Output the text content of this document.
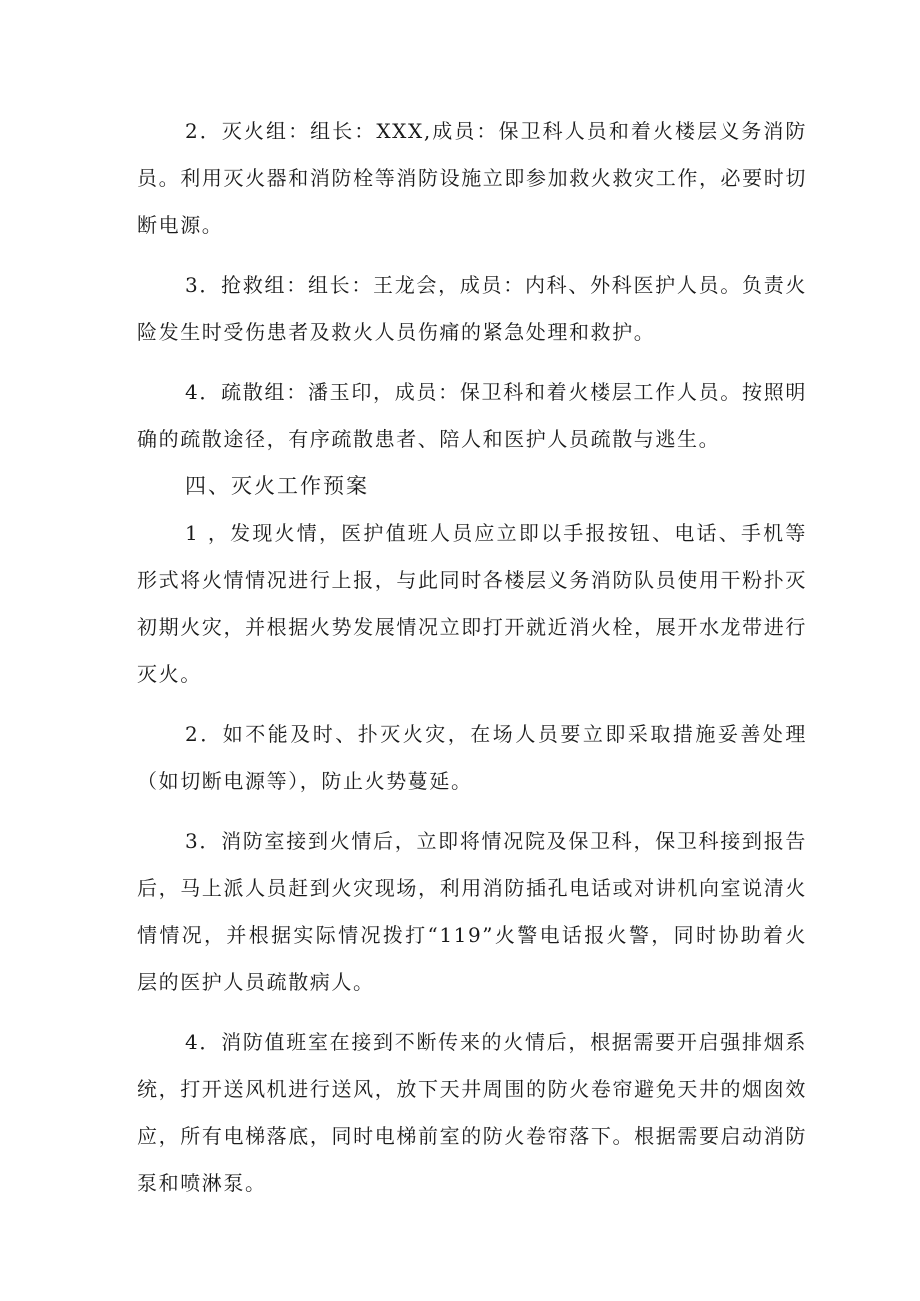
2．灭火组：组长：XXX,成员：保卫科人员和着火楼层义务消防员。利用灭火器和消防栓等消防设施立即参加救火救灾工作，必要时切断电源。

3．抢救组：组长：王龙会，成员：内科、外科医护人员。负责火险发生时受伤患者及救火人员伤痛的紧急处理和救护。

4．疏散组：潘玉印，成员：保卫科和着火楼层工作人员。按照明确的疏散途径，有序疏散患者、陪人和医护人员疏散与逃生。

四、灭火工作预案

1 ，发现火情，医护值班人员应立即以手报按钮、电话、手机等形式将火情情况进行上报，与此同时各楼层义务消防队员使用干粉扑灭初期火灾，并根据火势发展情况立即打开就近消火栓，展开水龙带进行灭火。

2．如不能及时、扑灭火灾，在场人员要立即采取措施妥善处理（如切断电源等），防止火势蔓延。

3．消防室接到火情后，立即将情况院及保卫科，保卫科接到报告后，马上派人员赶到火灾现场，利用消防插孔电话或对讲机向室说清火情情况，并根据实际情况拨打“119”火警电话报火警，同时协助着火层的医护人员疏散病人。

4．消防值班室在接到不断传来的火情后，根据需要开启强排烟系统，打开送风机进行送风，放下天井周围的防火卷帘避免天井的烟囱效应，所有电梯落底，同时电梯前室的防火卷帘落下。根据需要启动消防泵和喷淋泵。
